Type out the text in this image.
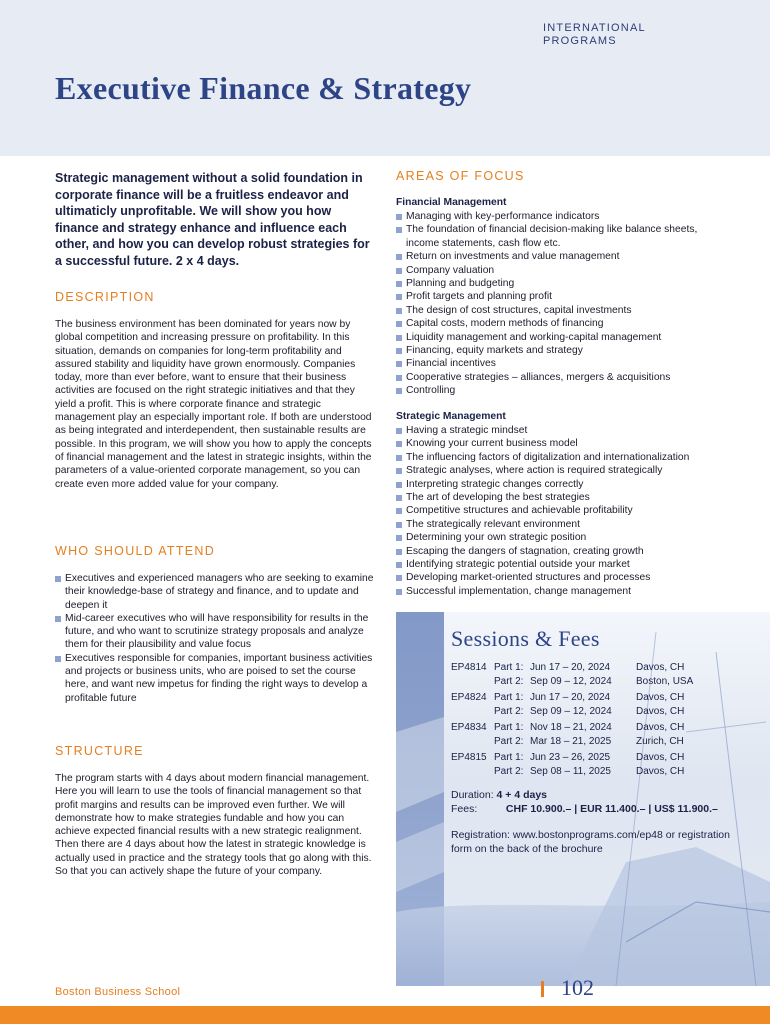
INTERNATIONAL
PROGRAMS
Executive Finance & Strategy

Strategic management without a solid foundation in corporate finance will be a fruitless endeavor and ultimaticly unprofitable. We will show you how finance and strategy enhance and influence each other, and how you can develop robust strategies for a successful future. 2 x 4 days.

DESCRIPTION

The business environment has been dominated for years now by global competition and increasing pressure on profitability. In this situation, demands on companies for long-term profitability and assured stability and liquidity have grown enormously. Companies today, more than ever before, want to ensure that their business activities are focused on the right strategic initiatives and that they yield a profit. This is where corporate finance and strategic management play an especially important role. If both are understood as being integrated and interdependent, then sustainable results are possible. In this program, we will show you how to apply the concepts of financial management and the latest in strategic insights, within the parameters of a value-oriented corporate management, so you can create even more added value for your company.

WHO SHOULD ATTEND
Executives and experienced managers who are seeking to examine their knowledge-base of strategy and finance, and to update and deepen it
Mid-career executives who will have responsibility for results in the future, and who want to scrutinize strategy proposals and analyze them for their plausibility and value focus
Executives responsible for companies, important business activities and projects or business units, who are poised to set the course here, and want new impetus for finding the right ways to develop a profitable future
STRUCTURE

The program starts with 4 days about modern financial management. Here you will learn to use the tools of financial management so that profit margins and results can be improved even further. We will demonstrate how to make strategies fundable and how you can achieve expected financial results with a new strategic realignment. Then there are 4 days about how the latest in strategic knowledge is actually used in practice and the strategy tools that go along with this. So that you can actively shape the future of your company.

AREAS OF FOCUS
Financial Management
Managing with key-performance indicators
The foundation of financial decision-making like balance sheets, income statements, cash flow etc.
Return on investments and value management
Company valuation
Planning and budgeting
Profit targets and planning profit
The design of cost structures, capital investments
Capital costs, modern methods of financing
Liquidity management and working-capital management
Financing, equity markets and strategy
Financial incentives
Cooperative strategies – alliances, mergers & acquisitions
Controlling
Strategic Management
Having a strategic mindset
Knowing your current business model
The influencing factors of digitalization and internationalization
Strategic analyses, where action is required strategically
Interpreting strategic changes correctly
The art of developing the best strategies
Competitive structures and achievable profitability
The strategically relevant environment
Determining your own strategic position
Escaping the dangers of stagnation, creating growth
Identifying strategic potential outside your market
Developing market-oriented structures and processes
Successful implementation, change management
Sessions & Fees
EP4814 Part 1: Jun 17 – 20, 2024	Davos, CH
Part 2: Sep 09 – 12, 2024 Boston, USA
EP4824 Part 1: Jun 17 – 20, 2024	Davos, CH
Part 2: Sep 09 – 12, 2024 Davos, CH
EP4834 Part 1: Nov 18 – 21, 2024 Davos, CH
Part 2: Mar 18 – 21, 2025 Zurich, CH
EP4815 Part 1: Jun 23 – 26, 2025	Davos, CH
Part 2: Sep 08 – 11, 2025	Davos, CH
Duration: 4 + 4 days
Fees:	CHF 10.900.– | EUR 11.400.– | US$ 11.900.–

Registration: www.bostonprograms.com/ep48 or registration form on the back of the brochure

Boston Business School	102
